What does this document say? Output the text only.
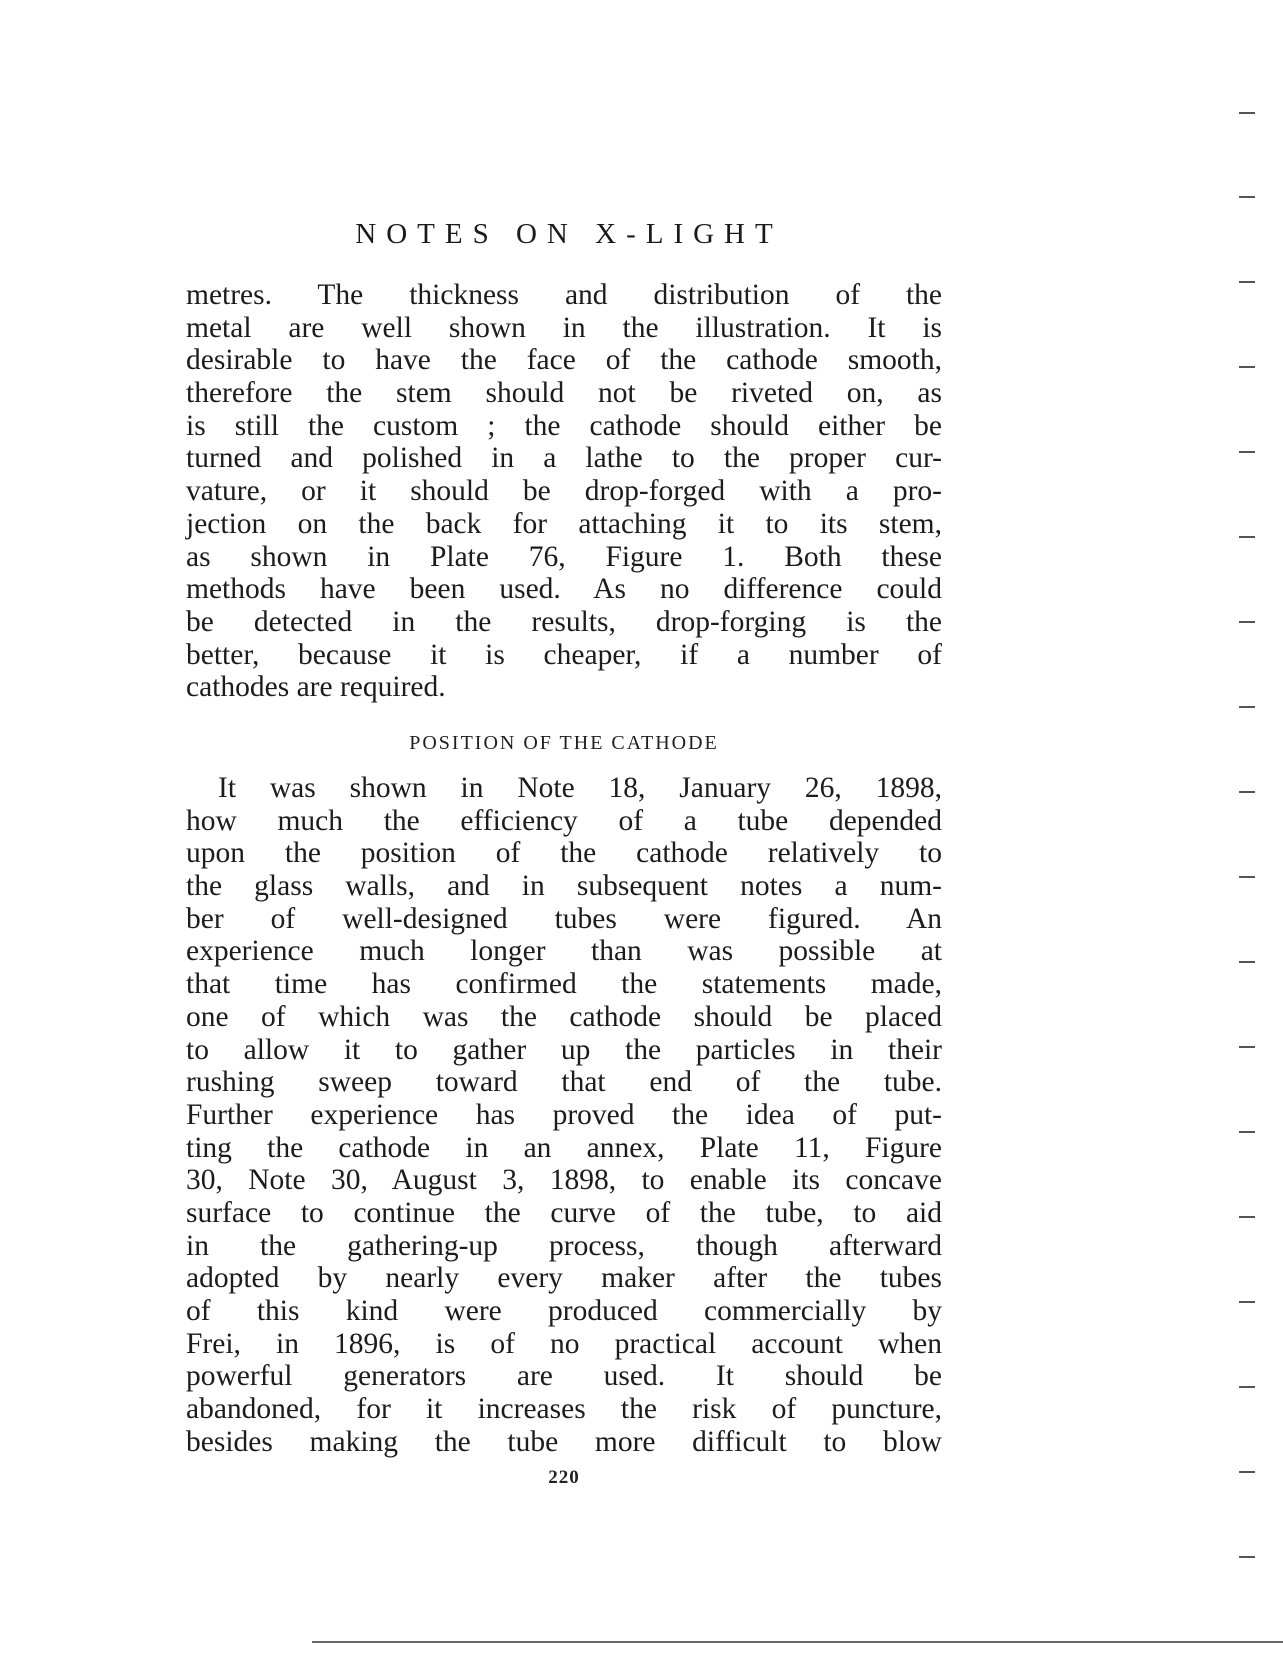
NOTES ON X-LIGHT
metres. The thickness and distribution of the
metal are well shown in the illustration. It is
desirable to have the face of the cathode smooth,
therefore the stem should not be riveted on, as
is still the custom ; the cathode should either be
turned and polished in a lathe to the proper cur-
vature, or it should be drop-forged with a pro-
jection on the back for attaching it to its stem,
as shown in Plate 76, Figure 1. Both these
methods have been used. As no difference could
be detected in the results, drop-forging is the
better, because it is cheaper, if a number of
cathodes are required.
POSITION OF THE CATHODE
It was shown in Note 18, January 26, 1898,
how much the efficiency of a tube depended
upon the position of the cathode relatively to
the glass walls, and in subsequent notes a num-
ber of well-designed tubes were figured. An
experience much longer than was possible at
that time has confirmed the statements made,
one of which was the cathode should be placed
to allow it to gather up the particles in their
rushing sweep toward that end of the tube.
Further experience has proved the idea of put-
ting the cathode in an annex, Plate 11, Figure
30, Note 30, August 3, 1898, to enable its concave
surface to continue the curve of the tube, to aid
in the gathering-up process, though afterward
adopted by nearly every maker after the tubes
of this kind were produced commercially by
Frei, in 1896, is of no practical account when
powerful generators are used. It should be
abandoned, for it increases the risk of puncture,
besides making the tube more difficult to blow
220
